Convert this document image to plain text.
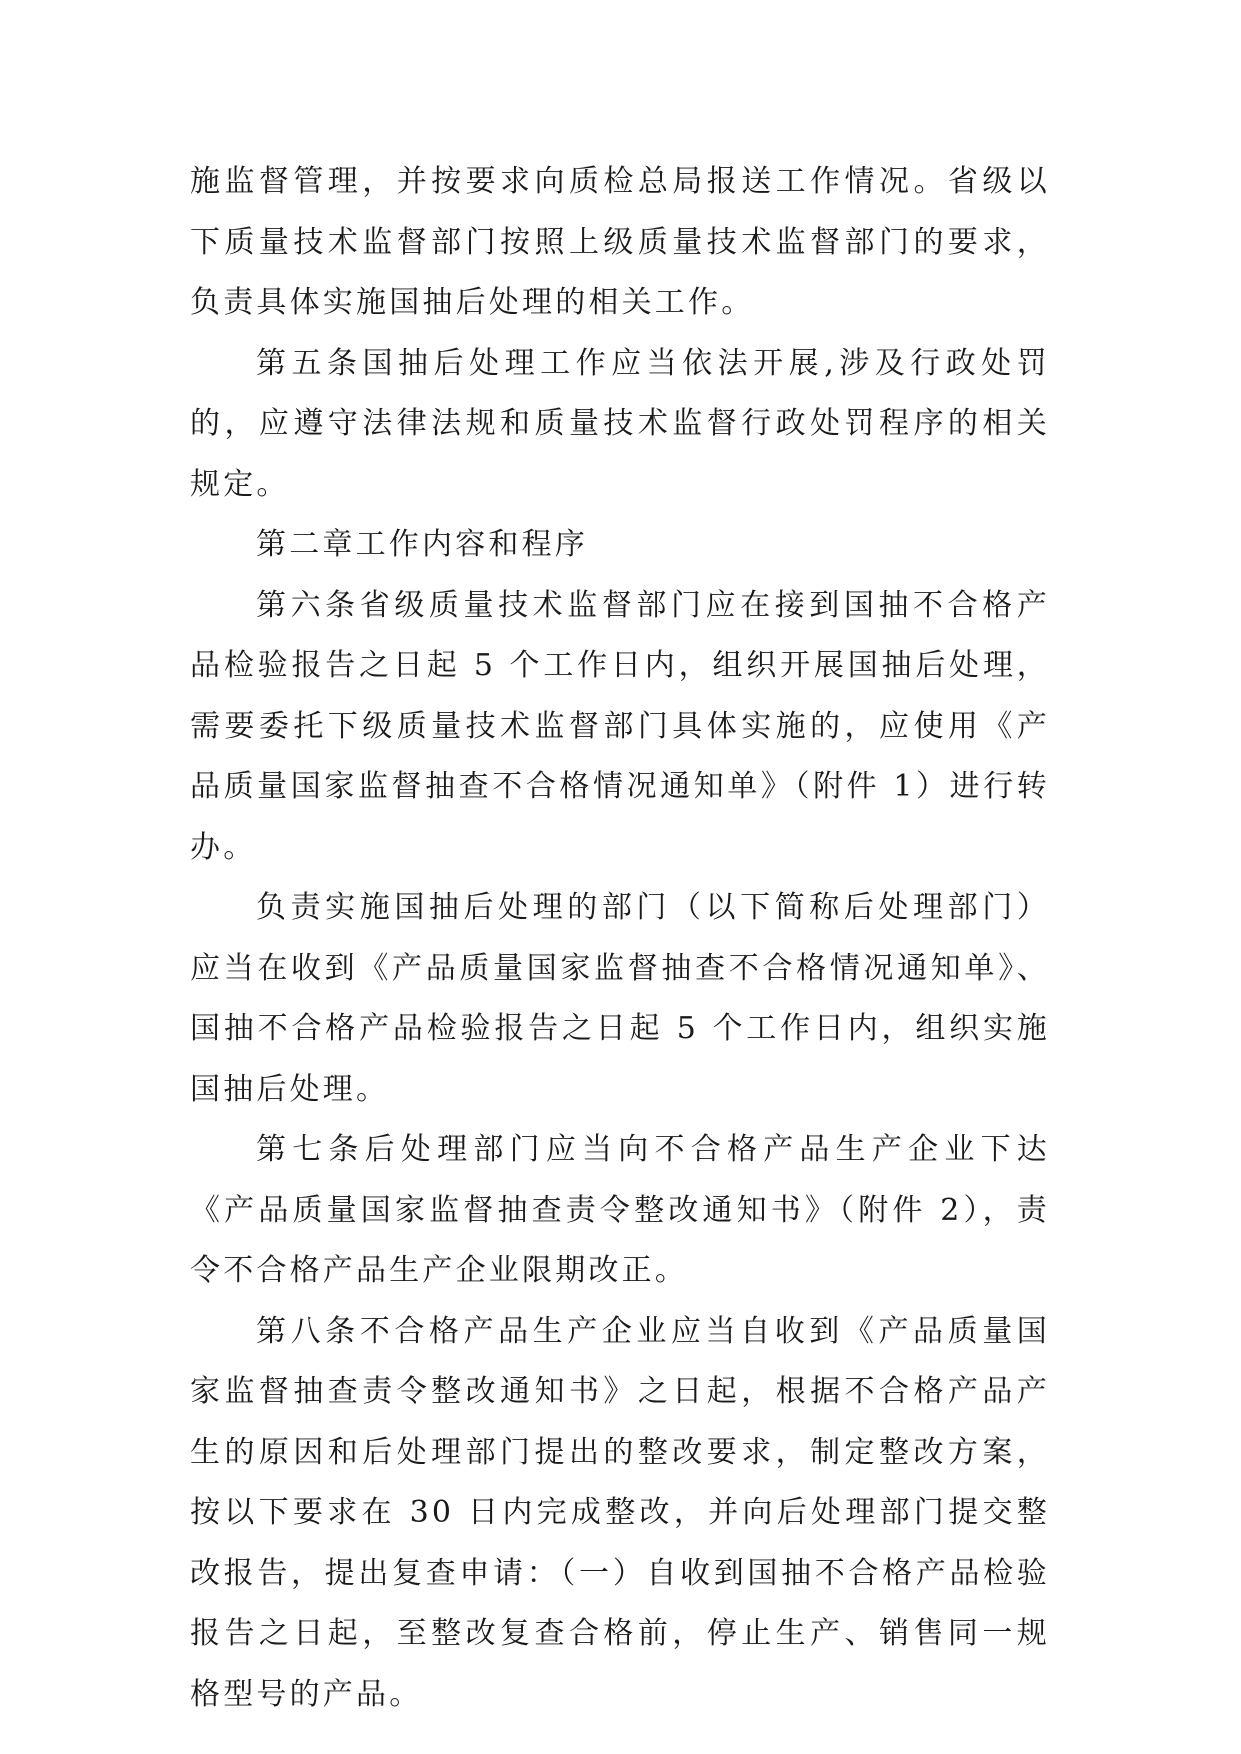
施监督管理，并按要求向质检总局报送工作情况。省级以下质量技术监督部门按照上级质量技术监督部门的要求，负责具体实施国抽后处理的相关工作。

第五条国抽后处理工作应当依法开展,涉及行政处罚的，应遵守法律法规和质量技术监督行政处罚程序的相关规定。

第二章工作内容和程序

第六条省级质量技术监督部门应在接到国抽不合格产品检验报告之日起 5 个工作日内，组织开展国抽后处理，需要委托下级质量技术监督部门具体实施的，应使用《产品质量国家监督抽查不合格情况通知单》（附件 1）进行转办。

负责实施国抽后处理的部门（以下简称后处理部门）应当在收到《产品质量国家监督抽查不合格情况通知单》、国抽不合格产品检验报告之日起 5 个工作日内，组织实施国抽后处理。

第七条后处理部门应当向不合格产品生产企业下达《产品质量国家监督抽查责令整改通知书》（附件 2），责令不合格产品生产企业限期改正。

第八条不合格产品生产企业应当自收到《产品质量国家监督抽查责令整改通知书》之日起，根据不合格产品产生的原因和后处理部门提出的整改要求，制定整改方案，按以下要求在 30 日内完成整改，并向后处理部门提交整改报告，提出复查申请：（一）自收到国抽不合格产品检验报告之日起，至整改复查合格前，停止生产、销售同一规格型号的产品。
